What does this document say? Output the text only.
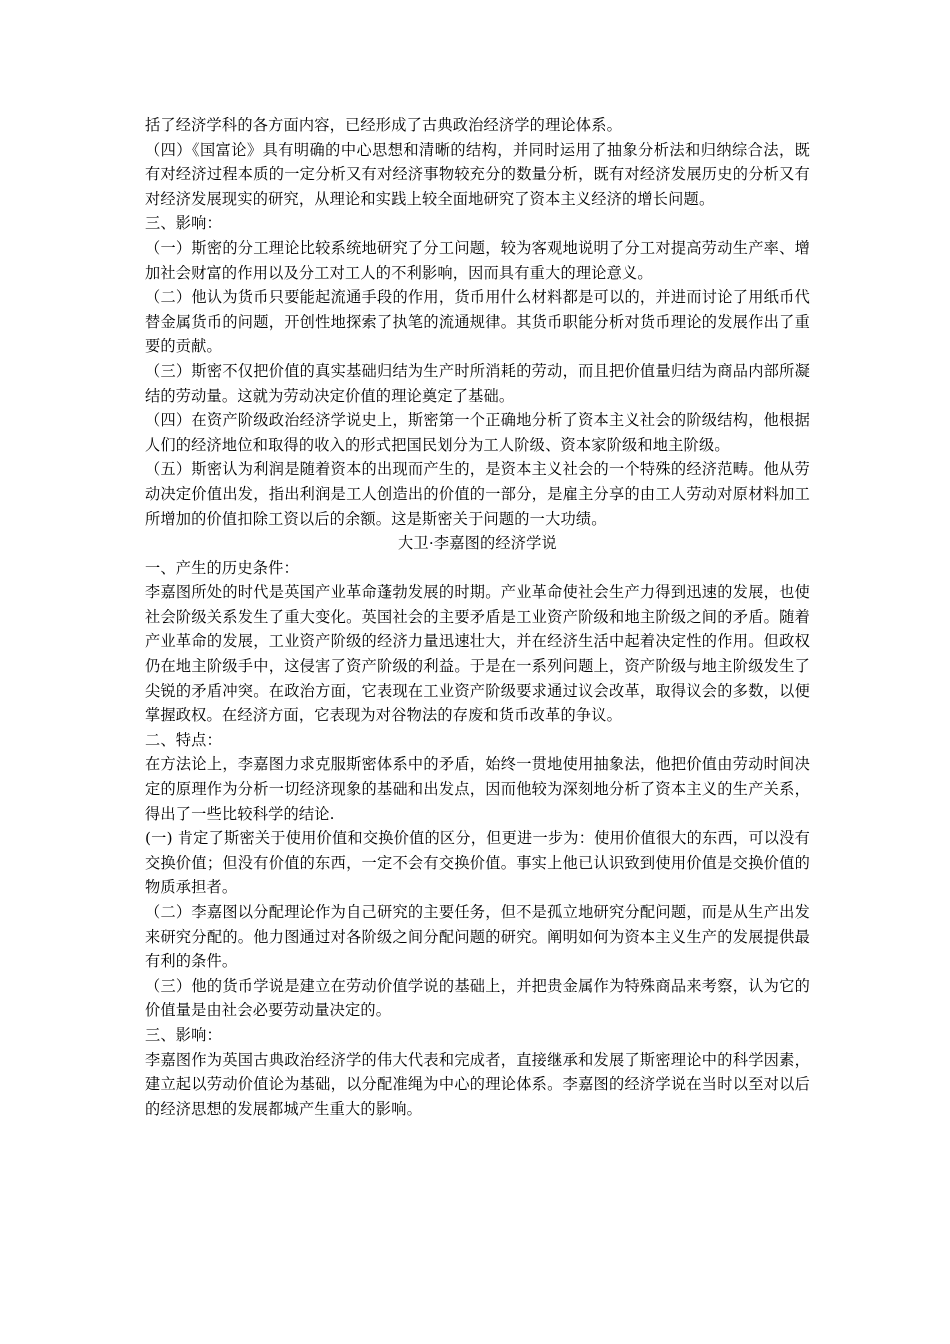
括了经济学科的各方面内容，已经形成了古典政治经济学的理论体系。

（四）《国富论》具有明确的中心思想和清晰的结构，并同时运用了抽象分析法和归纳综合法，既有对经济过程本质的一定分析又有对经济事物较充分的数量分析，既有对经济发展历史的分析又有对经济发展现实的研究，从理论和实践上较全面地研究了资本主义经济的增长问题。

三、影响：

（一）斯密的分工理论比较系统地研究了分工问题，较为客观地说明了分工对提高劳动生产率、增加社会财富的作用以及分工对工人的不利影响，因而具有重大的理论意义。

（二）他认为货币只要能起流通手段的作用，货币用什么材料都是可以的，并进而讨论了用纸币代替金属货币的问题，开创性地探索了执笔的流通规律。其货币职能分析对货币理论的发展作出了重要的贡献。

（三）斯密不仅把价值的真实基础归结为生产时所消耗的劳动，而且把价值量归结为商品内部所凝结的劳动量。这就为劳动决定价值的理论奠定了基础。

（四）在资产阶级政治经济学说史上，斯密第一个正确地分析了资本主义社会的阶级结构，他根据人们的经济地位和取得的收入的形式把国民划分为工人阶级、资本家阶级和地主阶级。

（五）斯密认为利润是随着资本的出现而产生的，是资本主义社会的一个特殊的经济范畴。他从劳动决定价值出发，指出利润是工人创造出的价值的一部分，是雇主分享的由工人劳动对原材料加工所增加的价值扣除工资以后的余额。这是斯密关于问题的一大功绩。

大卫·李嘉图的经济学说

一、产生的历史条件：

李嘉图所处的时代是英国产业革命蓬勃发展的时期。产业革命使社会生产力得到迅速的发展，也使社会阶级关系发生了重大变化。英国社会的主要矛盾是工业资产阶级和地主阶级之间的矛盾。随着产业革命的发展，工业资产阶级的经济力量迅速壮大，并在经济生活中起着决定性的作用。但政权仍在地主阶级手中，这侵害了资产阶级的利益。于是在一系列问题上，资产阶级与地主阶级发生了尖锐的矛盾冲突。在政治方面，它表现在工业资产阶级要求通过议会改革，取得议会的多数，以便掌握政权。在经济方面，它表现为对谷物法的存废和货币改革的争议。

二、特点：

在方法论上，李嘉图力求克服斯密体系中的矛盾，始终一贯地使用抽象法，他把价值由劳动时间决定的原理作为分析一切经济现象的基础和出发点，因而他较为深刻地分析了资本主义的生产关系，得出了一些比较科学的结论.

(一) 肯定了斯密关于使用价值和交换价值的区分，但更进一步为：使用价值很大的东西，可以没有交换价值；但没有价值的东西，一定不会有交换价值。事实上他已认识致到使用价值是交换价值的物质承担者。

（二）李嘉图以分配理论作为自己研究的主要任务，但不是孤立地研究分配问题，而是从生产出发来研究分配的。他力图通过对各阶级之间分配问题的研究。阐明如何为资本主义生产的发展提供最有利的条件。

（三）他的货币学说是建立在劳动价值学说的基础上，并把贵金属作为特殊商品来考察，认为它的价值量是由社会必要劳动量决定的。

三、影响：

李嘉图作为英国古典政治经济学的伟大代表和完成者，直接继承和发展了斯密理论中的科学因素，建立起以劳动价值论为基础，以分配准绳为中心的理论体系。李嘉图的经济学说在当时以至对以后的经济思想的发展都城产生重大的影响。
